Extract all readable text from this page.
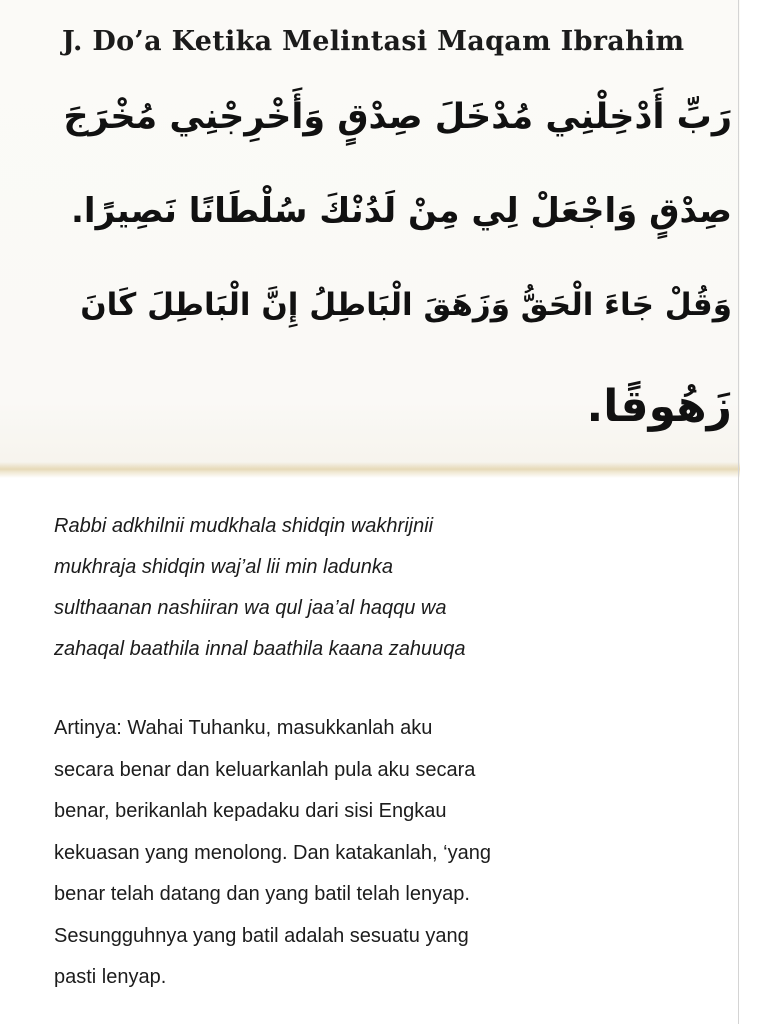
J. Do’a Ketika Melintasi Maqam Ibrahim

رَبِّ أَدْخِلْنِي مُدْخَلَ صِدْقٍ وَأَخْرِجْنِي مُخْرَجَ

صِدْقٍ وَاجْعَلْ لِي مِنْ لَدُنْكَ سُلْطَانًا نَصِيرًا.

وَقُلْ جَاءَ الْحَقُّ وَزَهَقَ الْبَاطِلُ إِنَّ الْبَاطِلَ كَانَ

زَهُوقًا.

Rabbi adkhilnii mudkhala shidqin wakhrijnii
mukhraja shidqin waj’al lii min ladunka
sulthaanan nashiiran wa qul jaa’al haqqu wa
zahaqal baathila innal baathila kaana zahuuqa
Artinya: Wahai Tuhanku, masukkanlah aku
secara benar dan keluarkanlah pula aku secara
benar, berikanlah kepadaku dari sisi Engkau
kekuasan yang menolong. Dan katakanlah, ‘yang
benar telah datang dan yang batil telah lenyap.
Sesungguhnya yang batil adalah sesuatu yang
pasti lenyap.
